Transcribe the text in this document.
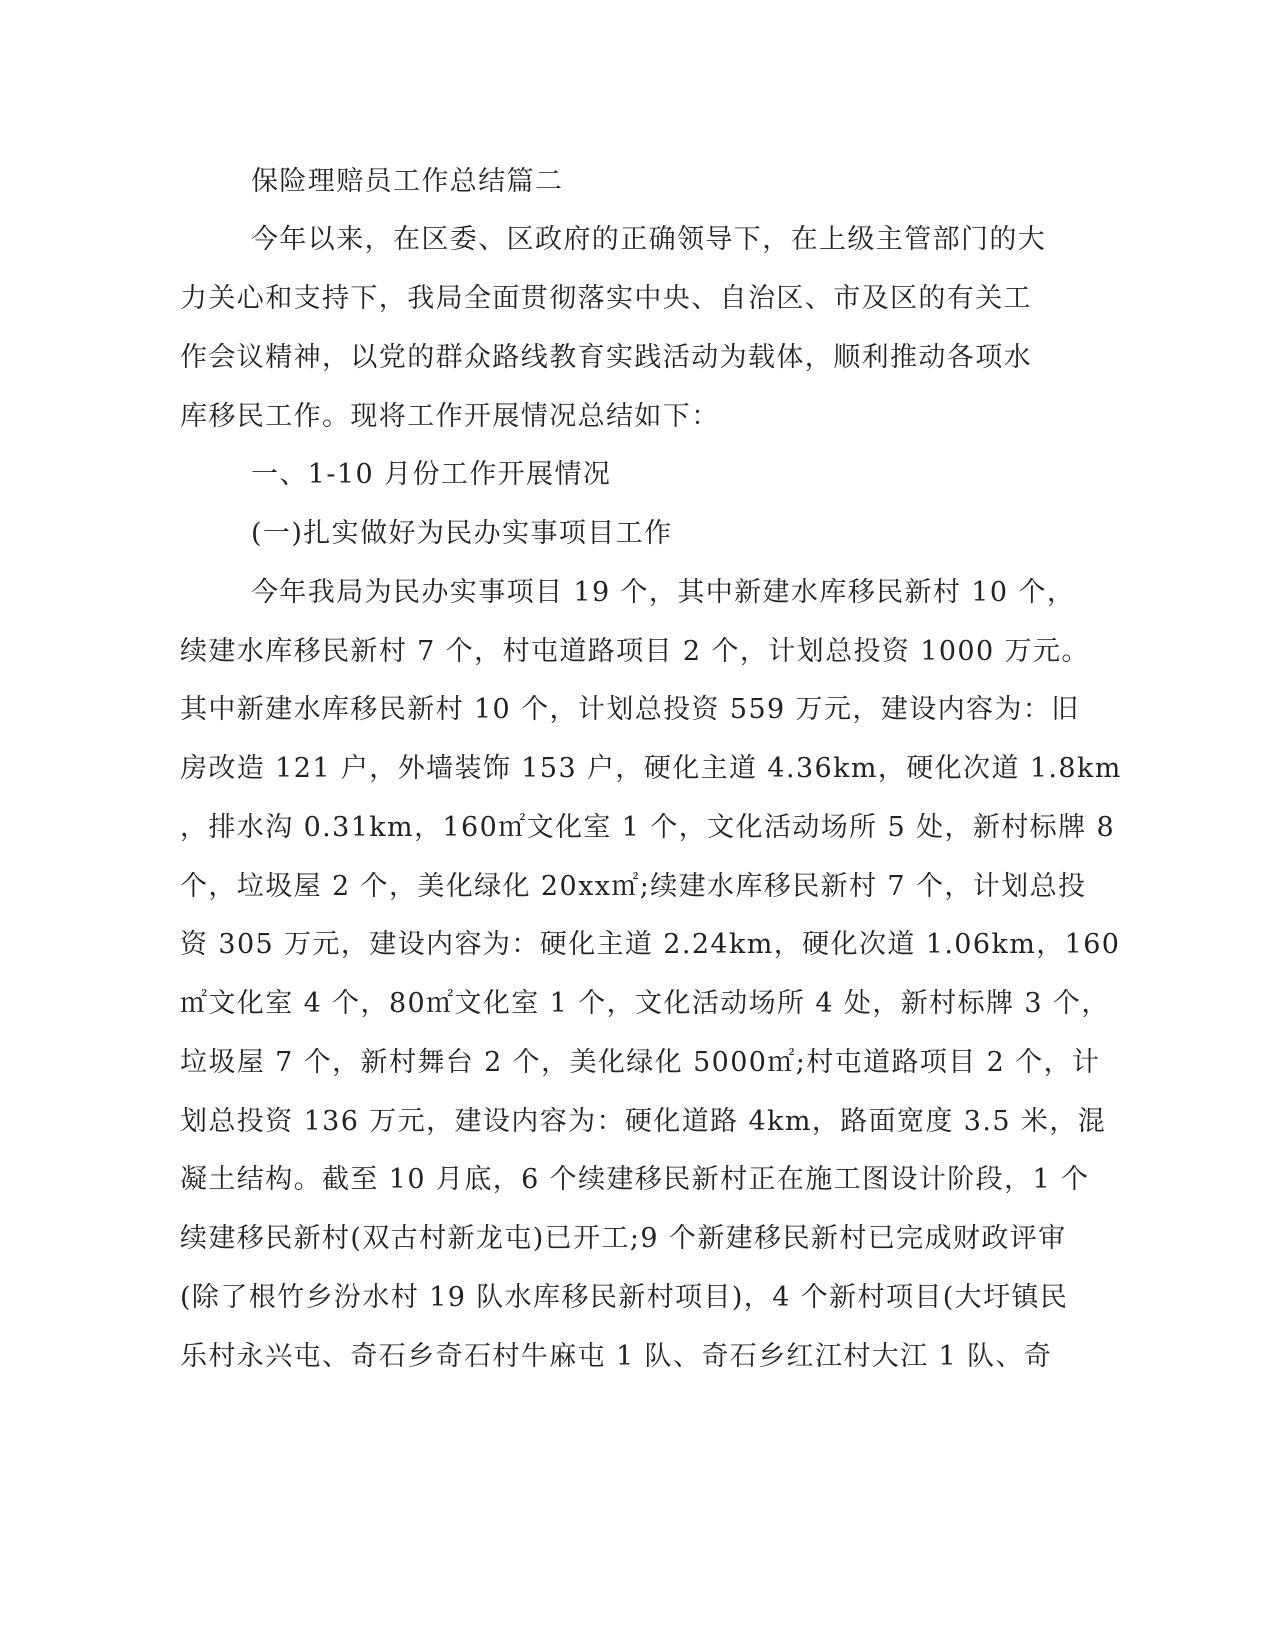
保险理赔员工作总结篇二

今年以来，在区委、区政府的正确领导下，在上级主管部门的大

力关心和支持下，我局全面贯彻落实中央、自治区、市及区的有关工

作会议精神，以党的群众路线教育实践活动为载体，顺利推动各项水

库移民工作。现将工作开展情况总结如下：

一、1-10 月份工作开展情况
(一)扎实做好为民办实事项目工作

今年我局为民办实事项目 19 个，其中新建水库移民新村 10 个，

续建水库移民新村 7 个，村屯道路项目 2 个，计划总投资 1000 万元。

其中新建水库移民新村 10 个，计划总投资 559 万元，建设内容为：旧

房改造 121 户，外墙装饰 153 户，硬化主道 4.36km，硬化次道 1.8km

，排水沟 0.31km，160㎡文化室 1 个，文化活动场所 5 处，新村标牌 8

个，垃圾屋 2 个，美化绿化 20xx㎡;续建水库移民新村 7 个，计划总投

资 305 万元，建设内容为：硬化主道 2.24km，硬化次道 1.06km，160

㎡文化室 4 个，80㎡文化室 1 个，文化活动场所 4 处，新村标牌 3 个，

垃圾屋 7 个，新村舞台 2 个，美化绿化 5000㎡;村屯道路项目 2 个，计

划总投资 136 万元，建设内容为：硬化道路 4km，路面宽度 3.5 米，混

凝土结构。截至 10 月底，6 个续建移民新村正在施工图设计阶段，1 个

续建移民新村(双古村新龙屯)已开工;9 个新建移民新村已完成财政评审

(除了根竹乡汾水村 19 队水库移民新村项目)，4 个新村项目(大圩镇民

乐村永兴屯、奇石乡奇石村牛麻屯 1 队、奇石乡红江村大江 1 队、奇
